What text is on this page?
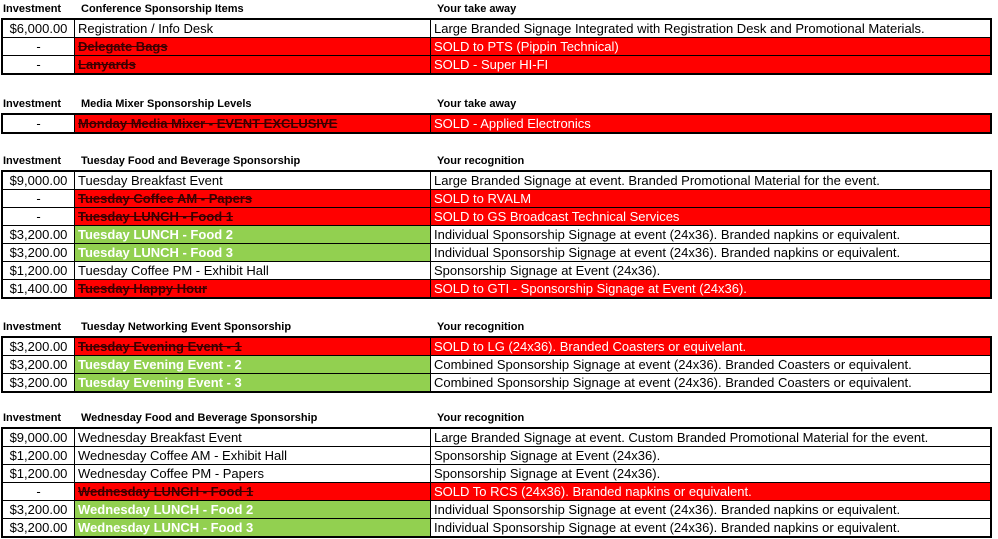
Investment Conference Sponsorship Items	Your take away
$6,000.00	Registration / Info Desk	Large Branded Signage Integrated with Registration Desk and Promotional Materials.
-	Delegate Bags	SOLD to PTS (Pippin Technical)
-	Lanyards	SOLD - Super HI-FI
Investment Media Mixer Sponsorship Levels	Your take away
-	Monday Media Mixer - EVENT EXCLUSIVE	SOLD - Applied Electronics
Investment Tuesday Food and Beverage Sponsorship	Your recognition
$9,000.00	Tuesday Breakfast Event	Large Branded Signage at event. Branded Promotional Material for the event.
-	Tuesday Coffee AM - Papers	SOLD to RVALM
-	Tuesday LUNCH - Food 1	SOLD to GS Broadcast Technical Services
$3,200.00	Tuesday LUNCH - Food 2	Individual Sponsorship Signage at event (24x36). Branded napkins or equivalent.
$3,200.00	Tuesday LUNCH - Food 3	Individual Sponsorship Signage at event (24x36). Branded napkins or equivalent.
$1,200.00	Tuesday Coffee PM - Exhibit Hall	Sponsorship Signage at Event (24x36).
$1,400.00	Tuesday Happy Hour	SOLD to GTI - Sponsorship Signage at Event (24x36).
Investment Tuesday Networking Event Sponsorship	Your recognition
$3,200.00	Tuesday Evening Event - 1	SOLD to LG (24x36). Branded Coasters or equivelant.
$3,200.00	Tuesday Evening Event - 2	Combined Sponsorship Signage at event (24x36). Branded Coasters or equivalent.
$3,200.00	Tuesday Evening Event - 3	Combined Sponsorship Signage at event (24x36). Branded Coasters or equivalent.
Investment Wednesday Food and Beverage Sponsorship	Your recognition
$9,000.00	Wednesday Breakfast Event	Large Branded Signage at event. Custom Branded Promotional Material for the event.
$1,200.00	Wednesday Coffee AM - Exhibit Hall	Sponsorship Signage at Event (24x36).
$1,200.00	Wednesday Coffee PM - Papers	Sponsorship Signage at Event (24x36).
-	Wednesday LUNCH - Food 1	SOLD To RCS (24x36). Branded napkins or equivalent.
$3,200.00	Wednesday LUNCH - Food 2	Individual Sponsorship Signage at event (24x36). Branded napkins or equivalent.
$3,200.00	Wednesday LUNCH - Food 3	Individual Sponsorship Signage at event (24x36). Branded napkins or equivalent.
